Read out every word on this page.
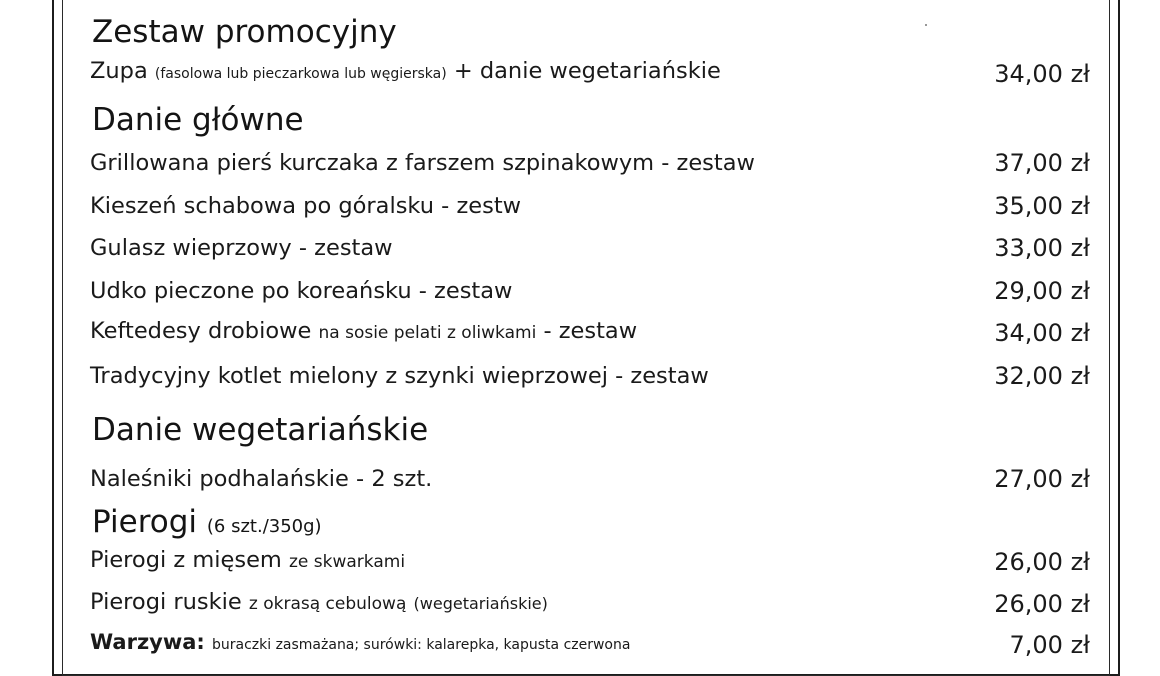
Zestaw promocyjny
Zupa (fasolowa lub pieczarkowa lub węgierska) + danie wegetariańskie	34,00 zł
Danie główne
Grillowana pierś kurczaka z farszem szpinakowym - zestaw	37,00 zł
Kieszeń schabowa po góralsku - zestw	35,00 zł
Gulasz wieprzowy - zestaw	33,00 zł
Udko pieczone po koreańsku - zestaw	29,00 zł
Keftedesy drobiowe na sosie pelati z oliwkami - zestaw	34,00 zł
Tradycyjny kotlet mielony z szynki wieprzowej - zestaw	32,00 zł
Danie wegetariańskie
Naleśniki podhalańskie - 2 szt.	27,00 zł
Pierogi (6 szt./350g)
Pierogi z mięsem ze skwarkami	26,00 zł
Pierogi ruskie z okrasą cebulową (wegetariańskie)	26,00 zł
Warzywa: buraczki zasmażana; surówki: kalarepka, kapusta czerwona	7,00 zł
